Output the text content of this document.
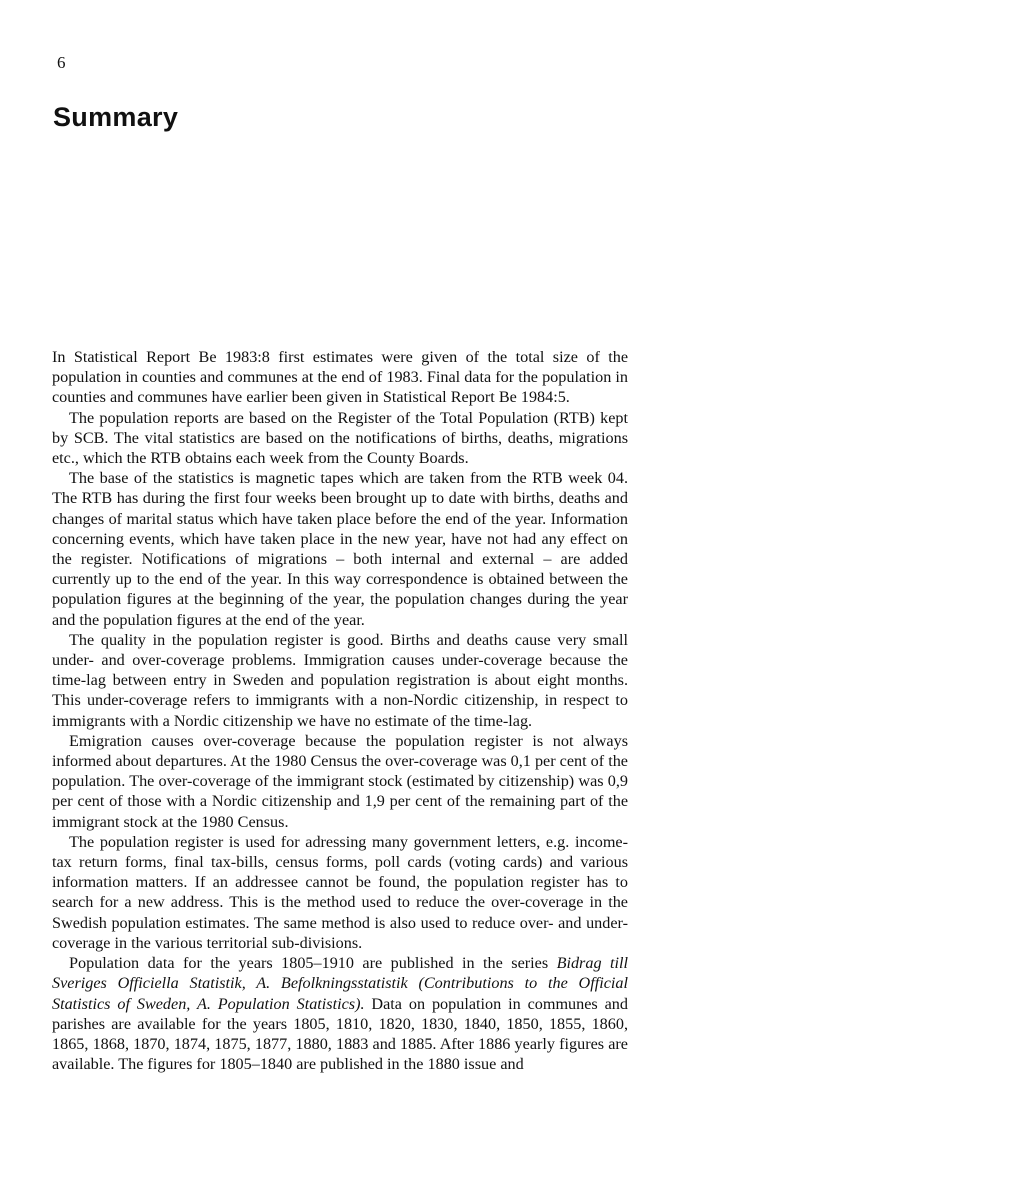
6

Summary

In Statistical Report Be 1983:8 first estimates were given of the total size of the population in counties and communes at the end of 1983. Final data for the population in counties and communes have earlier been given in Statistical Report Be 1984:5.

The population reports are based on the Register of the Total Population (RTB) kept by SCB. The vital statistics are based on the notifications of births, deaths, migrations etc., which the RTB obtains each week from the County Boards.

The base of the statistics is magnetic tapes which are taken from the RTB week 04. The RTB has during the first four weeks been brought up to date with births, deaths and changes of marital status which have taken place before the end of the year. Information concerning events, which have taken place in the new year, have not had any effect on the register. Notifications of migrations – both internal and external – are added currently up to the end of the year. In this way correspondence is obtained between the population figures at the beginning of the year, the population changes during the year and the population figures at the end of the year.

The quality in the population register is good. Births and deaths cause very small under- and over-coverage problems. Immigration causes under-coverage because the time-lag between entry in Sweden and population registration is about eight months. This under-coverage refers to immigrants with a non-Nordic citizenship, in respect to immigrants with a Nordic citizenship we have no estimate of the time-lag.

Emigration causes over-coverage because the population register is not always informed about departures. At the 1980 Census the over-coverage was 0,1 per cent of the population. The over-coverage of the immigrant stock (estimated by citizenship) was 0,9 per cent of those with a Nordic citizenship and 1,9 per cent of the remaining part of the immigrant stock at the 1980 Census.

The population register is used for adressing many government letters, e.g. income-tax return forms, final tax-bills, census forms, poll cards (voting cards) and various information matters. If an addressee cannot be found, the population register has to search for a new address. This is the method used to reduce the over-coverage in the Swedish population estimates. The same method is also used to reduce over- and under-coverage in the various territorial sub-divisions.

Population data for the years 1805–1910 are published in the series Bidrag till Sveriges Officiella Statistik, A. Befolkningsstatistik (Contributions to the Official Statistics of Sweden, A. Population Statistics). Data on population in communes and parishes are available for the years 1805, 1810, 1820, 1830, 1840, 1850, 1855, 1860, 1865, 1868, 1870, 1874, 1875, 1877, 1880, 1883 and 1885. After 1886 yearly figures are available. The figures for 1805–1840 are published in the 1880 issue and
